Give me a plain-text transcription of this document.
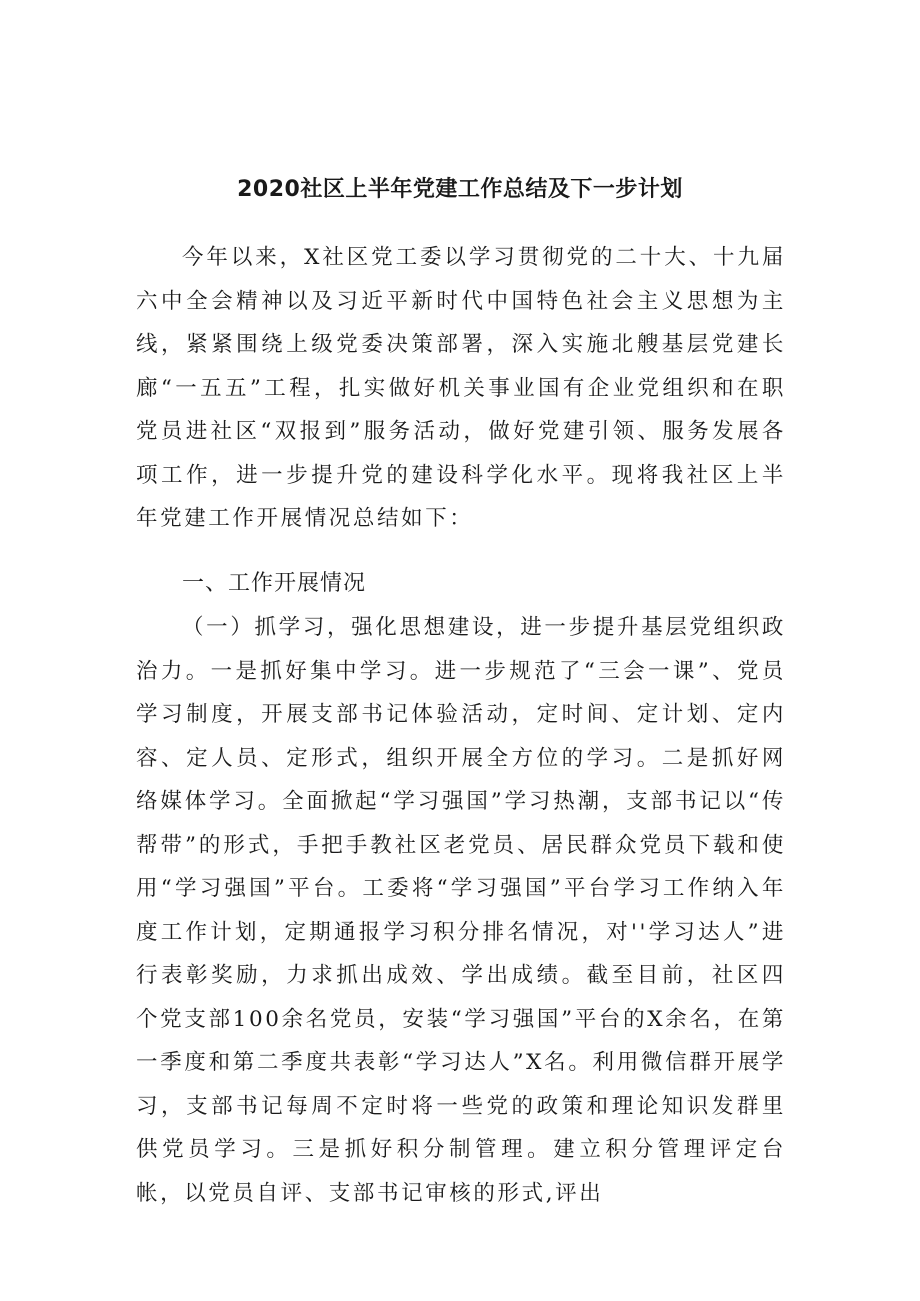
2020社区上半年党建工作总结及下一步计划

今年以来，X社区党工委以学习贯彻党的二十大、十九届六中全会精神以及习近平新时代中国特色社会主义思想为主线，紧紧围绕上级党委决策部署，深入实施北艘基层党建长廊“一五五”工程，扎实做好机关事业国有企业党组织和在职党员进社区“双报到”服务活动，做好党建引领、服务发展各项工作，进一步提升党的建设科学化水平。现将我社区上半年党建工作开展情况总结如下：

一、工作开展情况

（一）抓学习，强化思想建设，进一步提升基层党组织政治力。一是抓好集中学习。进一步规范了“三会一课”、党员学习制度，开展支部书记体验活动，定时间、定计划、定内容、定人员、定形式，组织开展全方位的学习。二是抓好网络媒体学习。全面掀起“学习强国”学习热潮，支部书记以“传帮带”的形式，手把手教社区老党员、居民群众党员下载和使用“学习强国”平台。工委将“学习强国”平台学习工作纳入年度工作计划，定期通报学习积分排名情况，对''学习达人”进行表彰奖励，力求抓出成效、学出成绩。截至目前，社区四个党支部100余名党员，安装“学习强国”平台的X余名，在第一季度和第二季度共表彰“学习达人”X名。利用微信群开展学习，支部书记每周不定时将一些党的政策和理论知识发群里供党员学习。三是抓好积分制管理。建立积分管理评定台帐，以党员自评、支部书记审核的形式,评出
